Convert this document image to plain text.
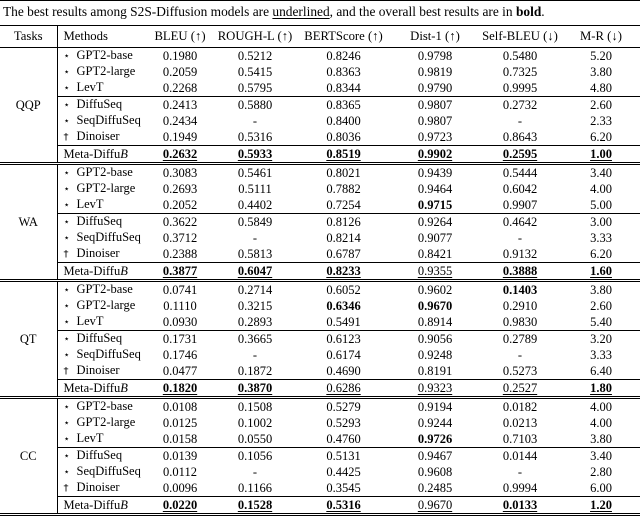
The best results among S2S-Diffusion models are underlined, and the overall best results are in bold.
Tasks	Methods	BLEU (↑)	ROUGH-L (↑)	BERTScore (↑)	Dist-1 (↑)	Self-BLEU (↓)	M-R (↓)
QQP	⋆ GPT2-base	0.1980	0.5212	0.8246	0.9798	0.5480	5.20
	⋆ GPT2-large	0.2059	0.5415	0.8363	0.9819	0.7325	3.80
	⋆ LevT	0.2268	0.5795	0.8344	0.9790	0.9995	4.80
	⋆ DiffuSeq	0.2413	0.5880	0.8365	0.9807	0.2732	2.60
	⋆ SeqDiffuSeq	0.2434	-	0.8400	0.9807	-	2.33
	† Dinoiser	0.1949	0.5316	0.8036	0.9723	0.8643	6.20
	Meta-DiffuB	0.2632	0.5933	0.8519	0.9902	0.2595	1.00
WA	⋆ GPT2-base	0.3083	0.5461	0.8021	0.9439	0.5444	3.40
	⋆ GPT2-large	0.2693	0.5111	0.7882	0.9464	0.6042	4.00
	⋆ LevT	0.2052	0.4402	0.7254	0.9715	0.9907	5.00
	⋆ DiffuSeq	0.3622	0.5849	0.8126	0.9264	0.4642	3.00
	⋆ SeqDiffuSeq	0.3712	-	0.8214	0.9077	-	3.33
	† Dinoiser	0.2388	0.5813	0.6787	0.8421	0.9132	6.20
	Meta-DiffuB	0.3877	0.6047	0.8233	0.9355	0.3888	1.60
QT	⋆ GPT2-base	0.0741	0.2714	0.6052	0.9602	0.1403	3.80
	⋆ GPT2-large	0.1110	0.3215	0.6346	0.9670	0.2910	2.60
	⋆ LevT	0.0930	0.2893	0.5491	0.8914	0.9830	5.40
	⋆ DiffuSeq	0.1731	0.3665	0.6123	0.9056	0.2789	3.20
	⋆ SeqDiffuSeq	0.1746	-	0.6174	0.9248	-	3.33
	† Dinoiser	0.0477	0.1872	0.4690	0.8191	0.5273	6.40
	Meta-DiffuB	0.1820	0.3870	0.6286	0.9323	0.2527	1.80
CC	⋆ GPT2-base	0.0108	0.1508	0.5279	0.9194	0.0182	4.00
	⋆ GPT2-large	0.0125	0.1002	0.5293	0.9244	0.0213	4.00
	⋆ LevT	0.0158	0.0550	0.4760	0.9726	0.7103	3.80
	⋆ DiffuSeq	0.0139	0.1056	0.5131	0.9467	0.0144	3.40
	⋆ SeqDiffuSeq	0.0112	-	0.4425	0.9608	-	2.80
	† Dinoiser	0.0096	0.1166	0.3545	0.2485	0.9994	6.00
	Meta-DiffuB	0.0220	0.1528	0.5316	0.9670	0.0133	1.20
